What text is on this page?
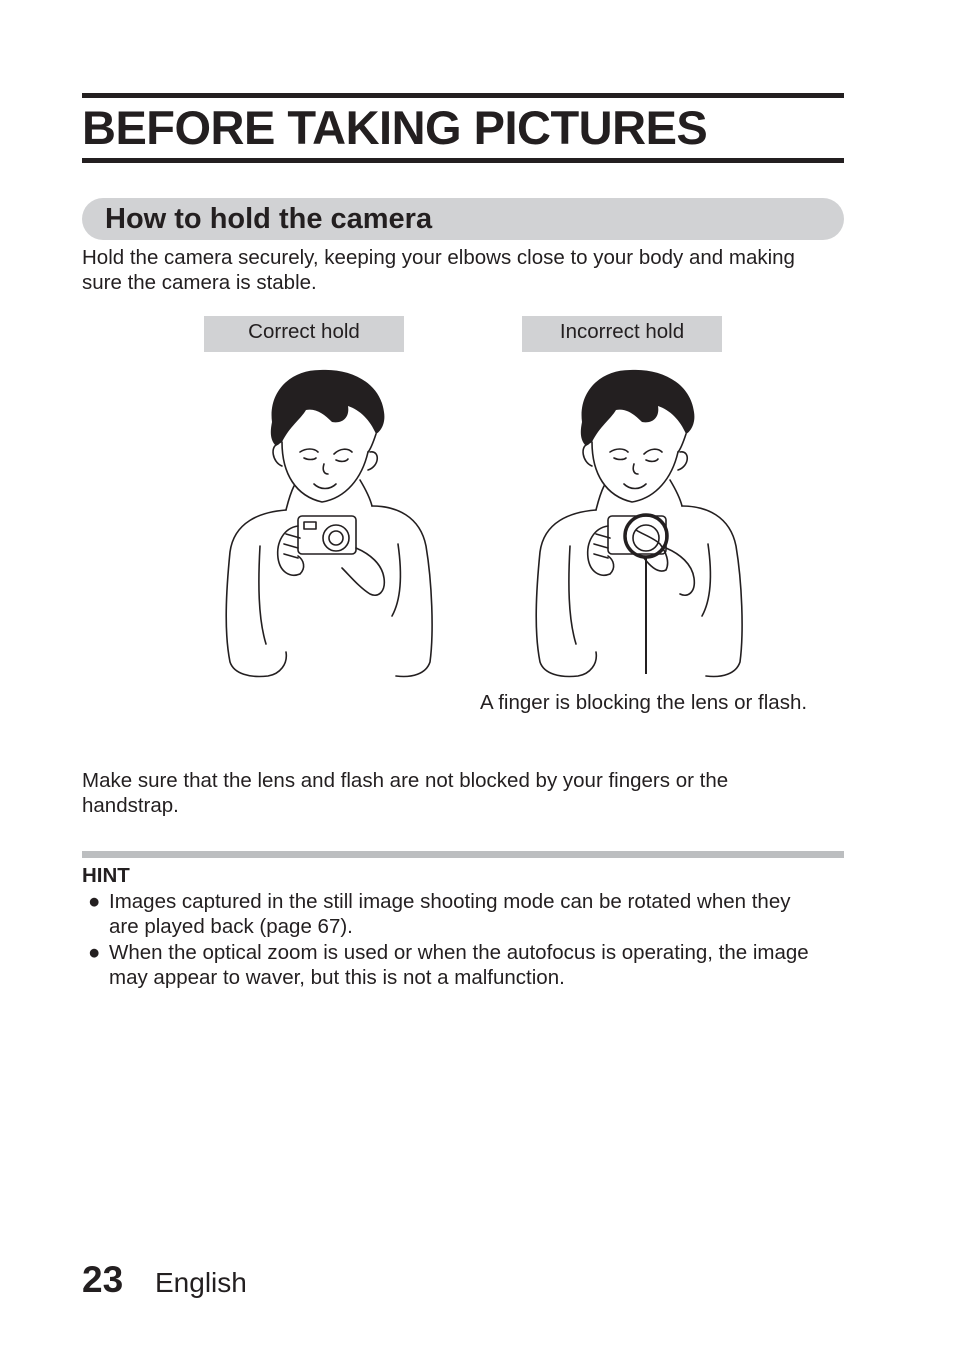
BEFORE TAKING PICTURES
How to hold the camera

Hold the camera securely, keeping your elbows close to your body and making sure the camera is stable.

Correct hold	Incorrect hold
A finger is blocking the lens or flash.

Make sure that the lens and flash are not blocked by your fingers or the handstrap.

HINT
● Images captured in the still image shooting mode can be rotated when they are played back (page 67).
● When the optical zoom is used or when the autofocus is operating, the image may appear to waver, but this is not a malfunction.
23 English
